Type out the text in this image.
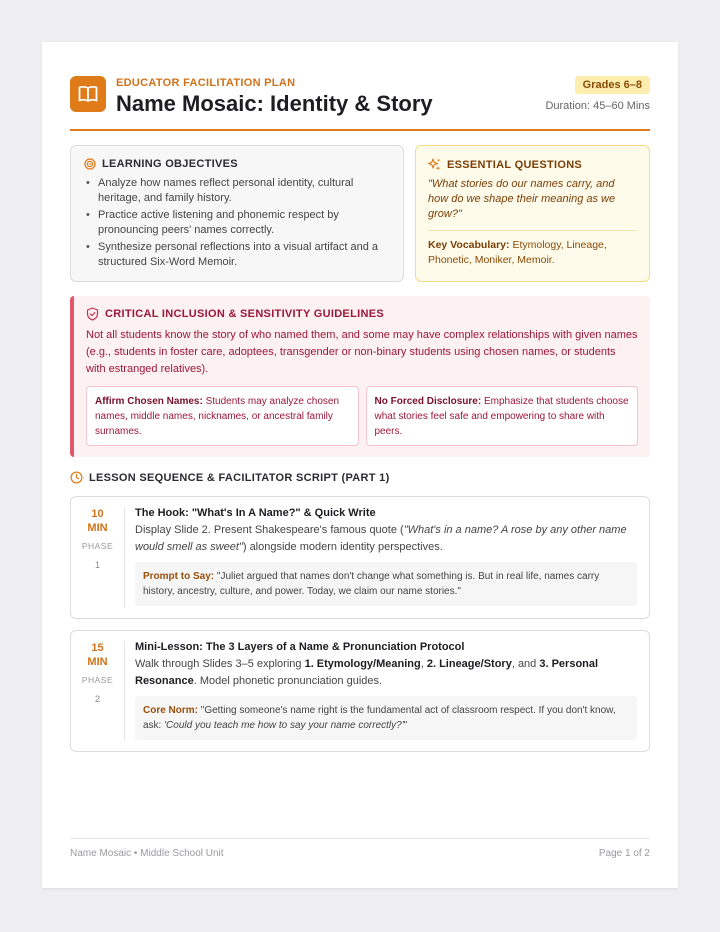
EDUCATOR FACILITATION PLAN
Name Mosaic: Identity & Story
Grades 6–8
Duration: 45–60 Mins
LEARNING OBJECTIVES
• Analyze how names reflect personal identity, cultural heritage, and family history.
• Practice active listening and phonemic respect by pronouncing peers' names correctly.
• Synthesize personal reflections into a visual artifact and a structured Six-Word Memoir.
ESSENTIAL QUESTIONS
"What stories do our names carry, and how do we shape their meaning as we grow?"
Key Vocabulary: Etymology, Lineage, Phonetic, Moniker, Memoir.
CRITICAL INCLUSION & SENSITIVITY GUIDELINES

Not all students know the story of who named them, and some may have complex relationships with given names (e.g., students in foster care, adoptees, transgender or non-binary students using chosen names, or students with estranged relatives).

Affirm Chosen Names: Students may analyze chosen names, middle names, nicknames, or ancestral family surnames.
No Forced Disclosure: Emphasize that students choose what stories feel safe and empowering to share with peers.
LESSON SEQUENCE & FACILITATOR SCRIPT (PART 1)
10
MIN
PHASE
1
The Hook: "What's In A Name?" & Quick Write
Display Slide 2. Present Shakespeare's famous quote ("What's in a name? A rose by any other name would smell as sweet") alongside modern identity perspectives.
Prompt to Say: "Juliet argued that names don't change what something is. But in real life, names carry history, ancestry, culture, and power. Today, we claim our name stories."
15
MIN
PHASE
2
Mini-Lesson: The 3 Layers of a Name & Pronunciation Protocol
Walk through Slides 3–5 exploring 1. Etymology/Meaning, 2. Lineage/Story, and 3. Personal Resonance. Model phonetic pronunciation guides.
Core Norm: "Getting someone's name right is the fundamental act of classroom respect. If you don't know, ask: 'Could you teach me how to say your name correctly?'"
Name Mosaic • Middle School Unit	Page 1 of 2
